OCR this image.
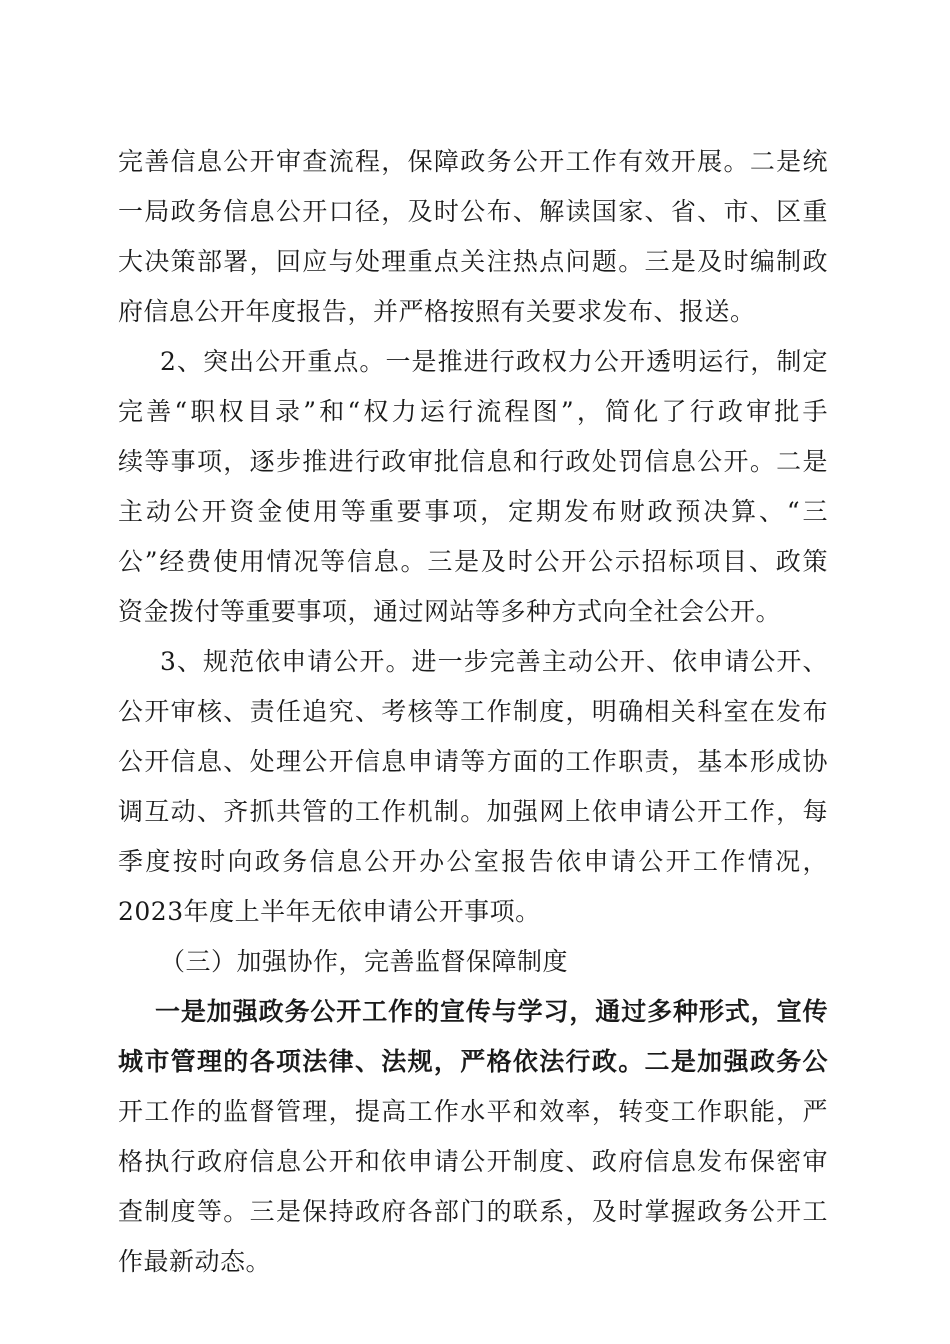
完善信息公开审查流程，保障政务公开工作有效开展。二是统
一局政务信息公开口径，及时公布、解读国家、省、市、区重
大决策部署，回应与处理重点关注热点问题。三是及时编制政
府信息公开年度报告，并严格按照有关要求发布、报送。
2、突出公开重点。一是推进行政权力公开透明运行，制定
完善“职权目录”和“权力运行流程图”，简化了行政审批手
续等事项，逐步推进行政审批信息和行政处罚信息公开。二是
主动公开资金使用等重要事项，定期发布财政预决算、“三
公”经费使用情况等信息。三是及时公开公示招标项目、政策
资金拨付等重要事项，通过网站等多种方式向全社会公开。
3、规范依申请公开。进一步完善主动公开、依申请公开、
公开审核、责任追究、考核等工作制度，明确相关科室在发布
公开信息、处理公开信息申请等方面的工作职责，基本形成协
调互动、齐抓共管的工作机制。加强网上依申请公开工作，每
季度按时向政务信息公开办公室报告依申请公开工作情况，
2023年度上半年无依申请公开事项。
（三）加强协作，完善监督保障制度
一是加强政务公开工作的宣传与学习，通过多种形式，宣传
城市管理的各项法律、法规，严格依法行政。二是加强政务公
开工作的监督管理，提高工作水平和效率，转变工作职能，严
格执行政府信息公开和依申请公开制度、政府信息发布保密审
查制度等。三是保持政府各部门的联系，及时掌握政务公开工
作最新动态。
